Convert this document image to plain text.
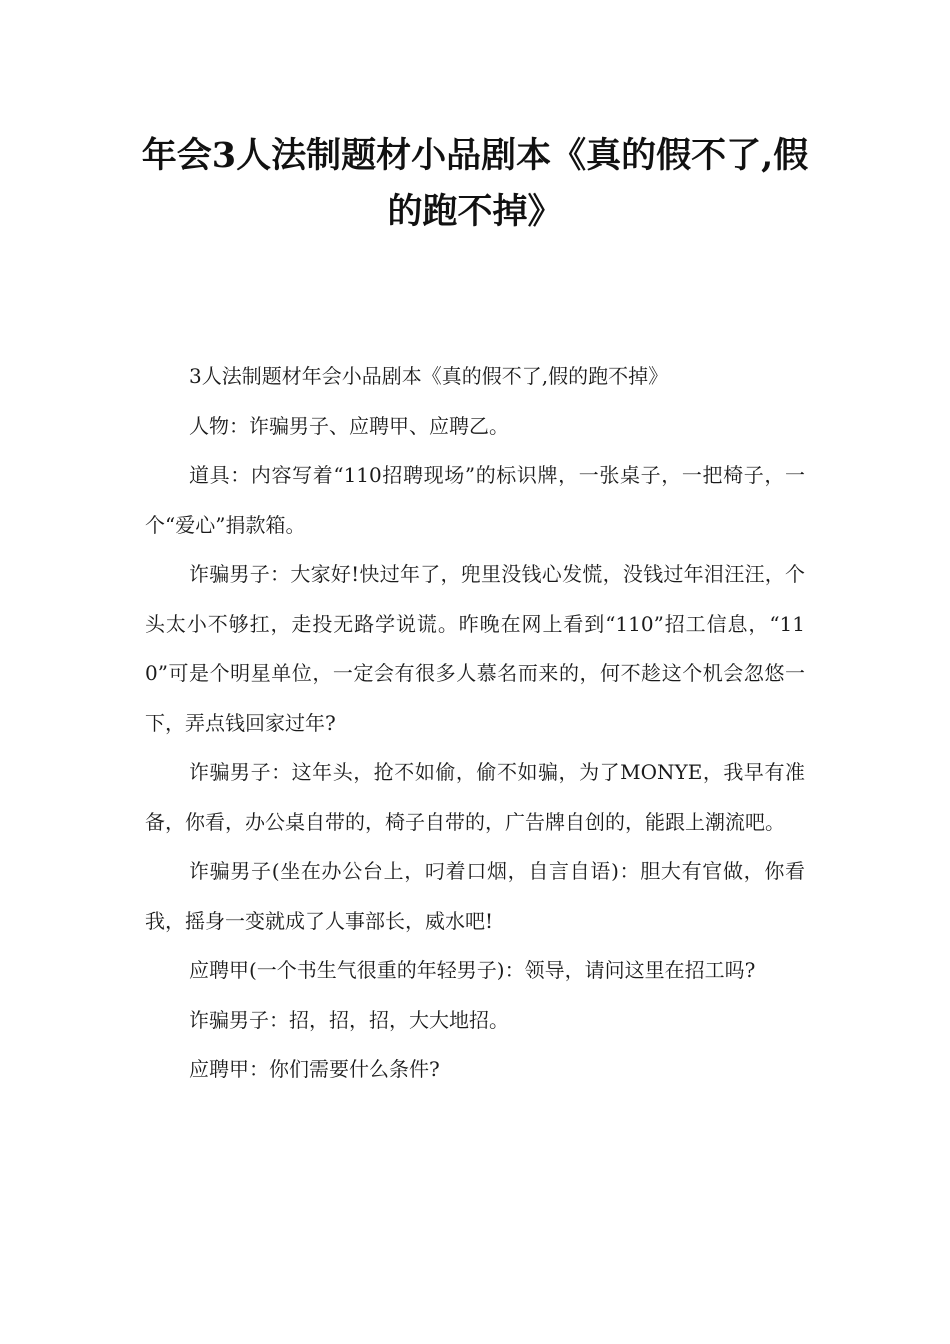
年会3人法制题材小品剧本《真的假不了,假的跑不掉》

3人法制题材年会小品剧本《真的假不了,假的跑不掉》

人物：诈骗男子、应聘甲、应聘乙。

道具：内容写着“110招聘现场”的标识牌，一张桌子，一把椅子，一个“爱心”捐款箱。

诈骗男子：大家好!快过年了，兜里没钱心发慌，没钱过年泪汪汪，个头太小不够扛，走投无路学说谎。昨晚在网上看到“110”招工信息，“110”可是个明星单位，一定会有很多人慕名而来的，何不趁这个机会忽悠一下，弄点钱回家过年?

诈骗男子：这年头，抢不如偷，偷不如骗，为了MONYE，我早有准备，你看，办公桌自带的，椅子自带的，广告牌自创的，能跟上潮流吧。

诈骗男子(坐在办公台上，叼着口烟，自言自语)：胆大有官做，你看我，摇身一变就成了人事部长，威水吧!

应聘甲(一个书生气很重的年轻男子)：领导，请问这里在招工吗?

诈骗男子：招，招，招，大大地招。

应聘甲：你们需要什么条件?
